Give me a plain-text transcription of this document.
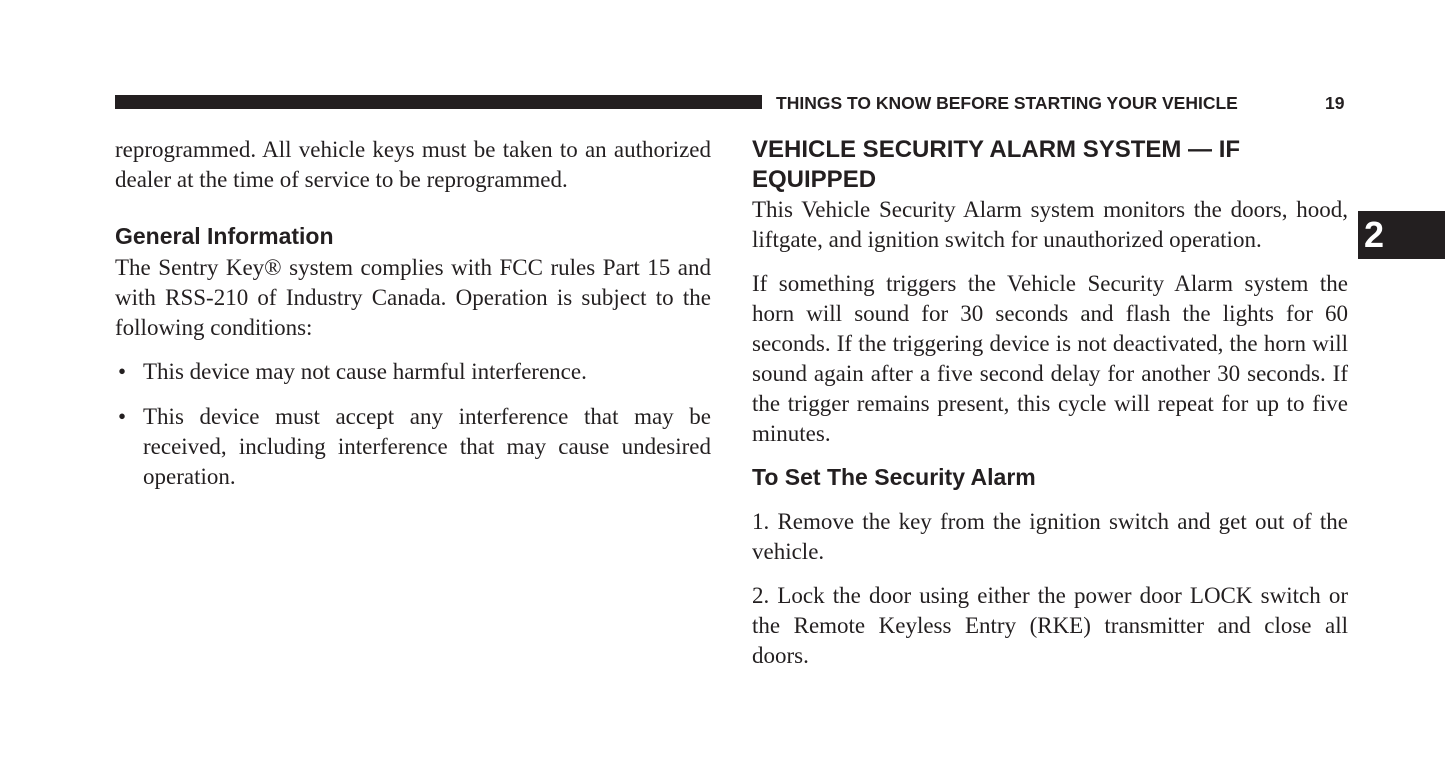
THINGS TO KNOW BEFORE STARTING YOUR VEHICLE	19
2

reprogrammed. All vehicle keys must be taken to an authorized dealer at the time of service to be reprogrammed.

General Information

The Sentry Key® system complies with FCC rules Part 15 and with RSS-210 of Industry Canada. Operation is subject to the following conditions:

• This device may not cause harmful interference.
• This device must accept any interference that may be received, including interference that may cause undesired operation.
VEHICLE SECURITY ALARM SYSTEM — IF EQUIPPED

This Vehicle Security Alarm system monitors the doors, hood, liftgate, and ignition switch for unauthorized operation.

If something triggers the Vehicle Security Alarm system the horn will sound for 30 seconds and flash the lights for 60 seconds. If the triggering device is not deactivated, the horn will sound again after a five second delay for another 30 seconds. If the trigger remains present, this cycle will repeat for up to five minutes.

To Set The Security Alarm

1. Remove the key from the ignition switch and get out of the vehicle.

2. Lock the door using either the power door LOCK switch or the Remote Keyless Entry (RKE) transmitter and close all doors.
